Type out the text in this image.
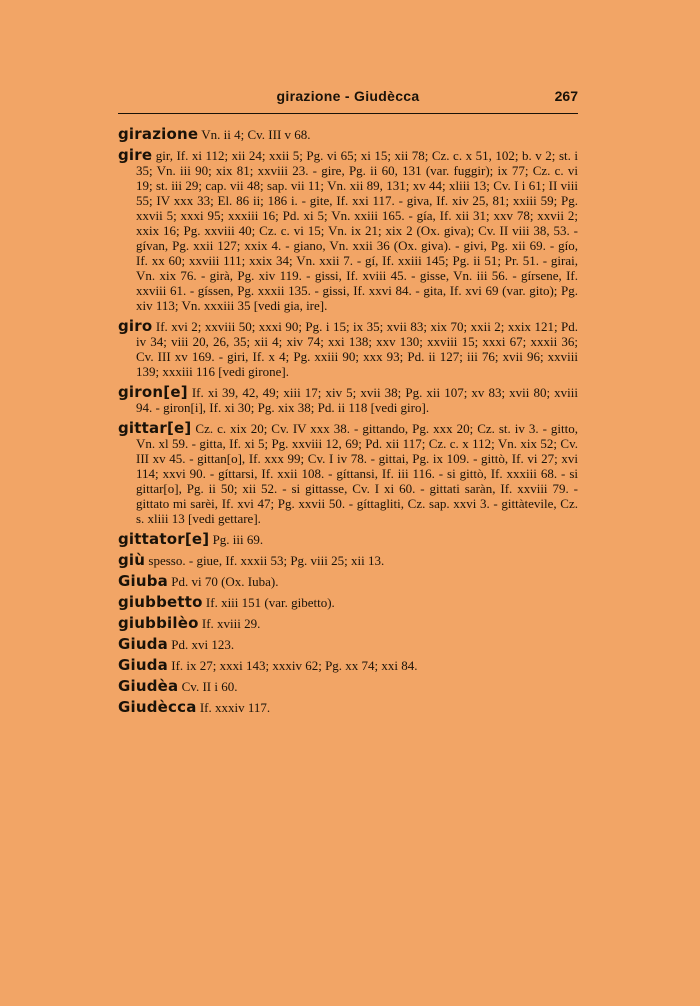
girazione - Giudècca	267
girazione Vn. ii 4; Cv. III v 68.
gire gir, If. xi 112; xii 24; xxii 5; Pg. vi 65; xi 15; xii 78; Cz. c. x 51, 102; b. v 2; st. i 35; Vn. iii 90; xix 81; xxviii 23. - gire, Pg. ii 60, 131 (var. fuggir); ix 77; Cz. c. vi 19; st. iii 29; cap. vii 48; sap. vii 11; Vn. xii 89, 131; xv 44; xliii 13; Cv. I i 61; II viii 55; IV xxx 33; El. 86 ii; 186 i. - gite, If. xxi 117. - giva, If. xiv 25, 81; xxiii 59; Pg. xxvii 5; xxxi 95; xxxiii 16; Pd. xi 5; Vn. xxiii 165. - gía, If. xii 31; xxv 78; xxvii 2; xxix 16; Pg. xxviii 40; Cz. c. vi 15; Vn. ix 21; xix 2 (Ox. giva); Cv. II viii 38, 53. - gívan, Pg. xxii 127; xxix 4. - giano, Vn. xxii 36 (Ox. giva). - givi, Pg. xii 69. - gío, If. xx 60; xxviii 111; xxix 34; Vn. xxii 7. - gí, If. xxiii 145; Pg. ii 51; Pr. 51. - girai, Vn. xix 76. - girà, Pg. xiv 119. - gissi, If. xviii 45. - gisse, Vn. iii 56. - gírsene, If. xxviii 61. - gíssen, Pg. xxxii 135. - gissi, If. xxvi 84. - gita, If. xvi 69 (var. gito); Pg. xiv 113; Vn. xxxiii 35 [vedi gia, ire].
giro If. xvi 2; xxviii 50; xxxi 90; Pg. i 15; ix 35; xvii 83; xix 70; xxii 2; xxix 121; Pd. iv 34; viii 20, 26, 35; xii 4; xiv 74; xxi 138; xxv 130; xxviii 15; xxxi 67; xxxii 36; Cv. III xv 169. - giri, If. x 4; Pg. xxiii 90; xxx 93; Pd. ii 127; iii 76; xvii 96; xxviii 139; xxxiii 116 [vedi girone].
giron[e] If. xi 39, 42, 49; xiii 17; xiv 5; xvii 38; Pg. xii 107; xv 83; xvii 80; xviii 94. - giron[i], If. xi 30; Pg. xix 38; Pd. ii 118 [vedi giro].
gittar[e] Cz. c. xix 20; Cv. IV xxx 38. - gittando, Pg. xxx 20; Cz. st. iv 3. - gitto, Vn. xl 59. - gitta, If. xi 5; Pg. xxviii 12, 69; Pd. xii 117; Cz. c. x 112; Vn. xix 52; Cv. III xv 45. - gittan[o], If. xxx 99; Cv. I iv 78. - gittai, Pg. ix 109. - gittò, If. vi 27; xvi 114; xxvi 90. - gíttarsi, If. xxii 108. - gíttansi, If. iii 116. - si gittò, If. xxxiii 68. - si gittar[o], Pg. ii 50; xii 52. - si gittasse, Cv. I xi 60. - gittati saràn, If. xxviii 79. - gittato mi sarèi, If. xvi 47; Pg. xxvii 50. - gíttagliti, Cz. sap. xxvi 3. - gittàtevile, Cz. s. xliii 13 [vedi gettare].
gittator[e] Pg. iii 69.
giù spesso. - giue, If. xxxii 53; Pg. viii 25; xii 13.
Giuba Pd. vi 70 (Ox. Iuba).
giubbetto If. xiii 151 (var. gibetto).
giubbilèo If. xviii 29.
Giuda Pd. xvi 123.
Giuda If. ix 27; xxxi 143; xxxiv 62; Pg. xx 74; xxi 84.
Giudèa Cv. II i 60.
Giudècca If. xxxiv 117.
